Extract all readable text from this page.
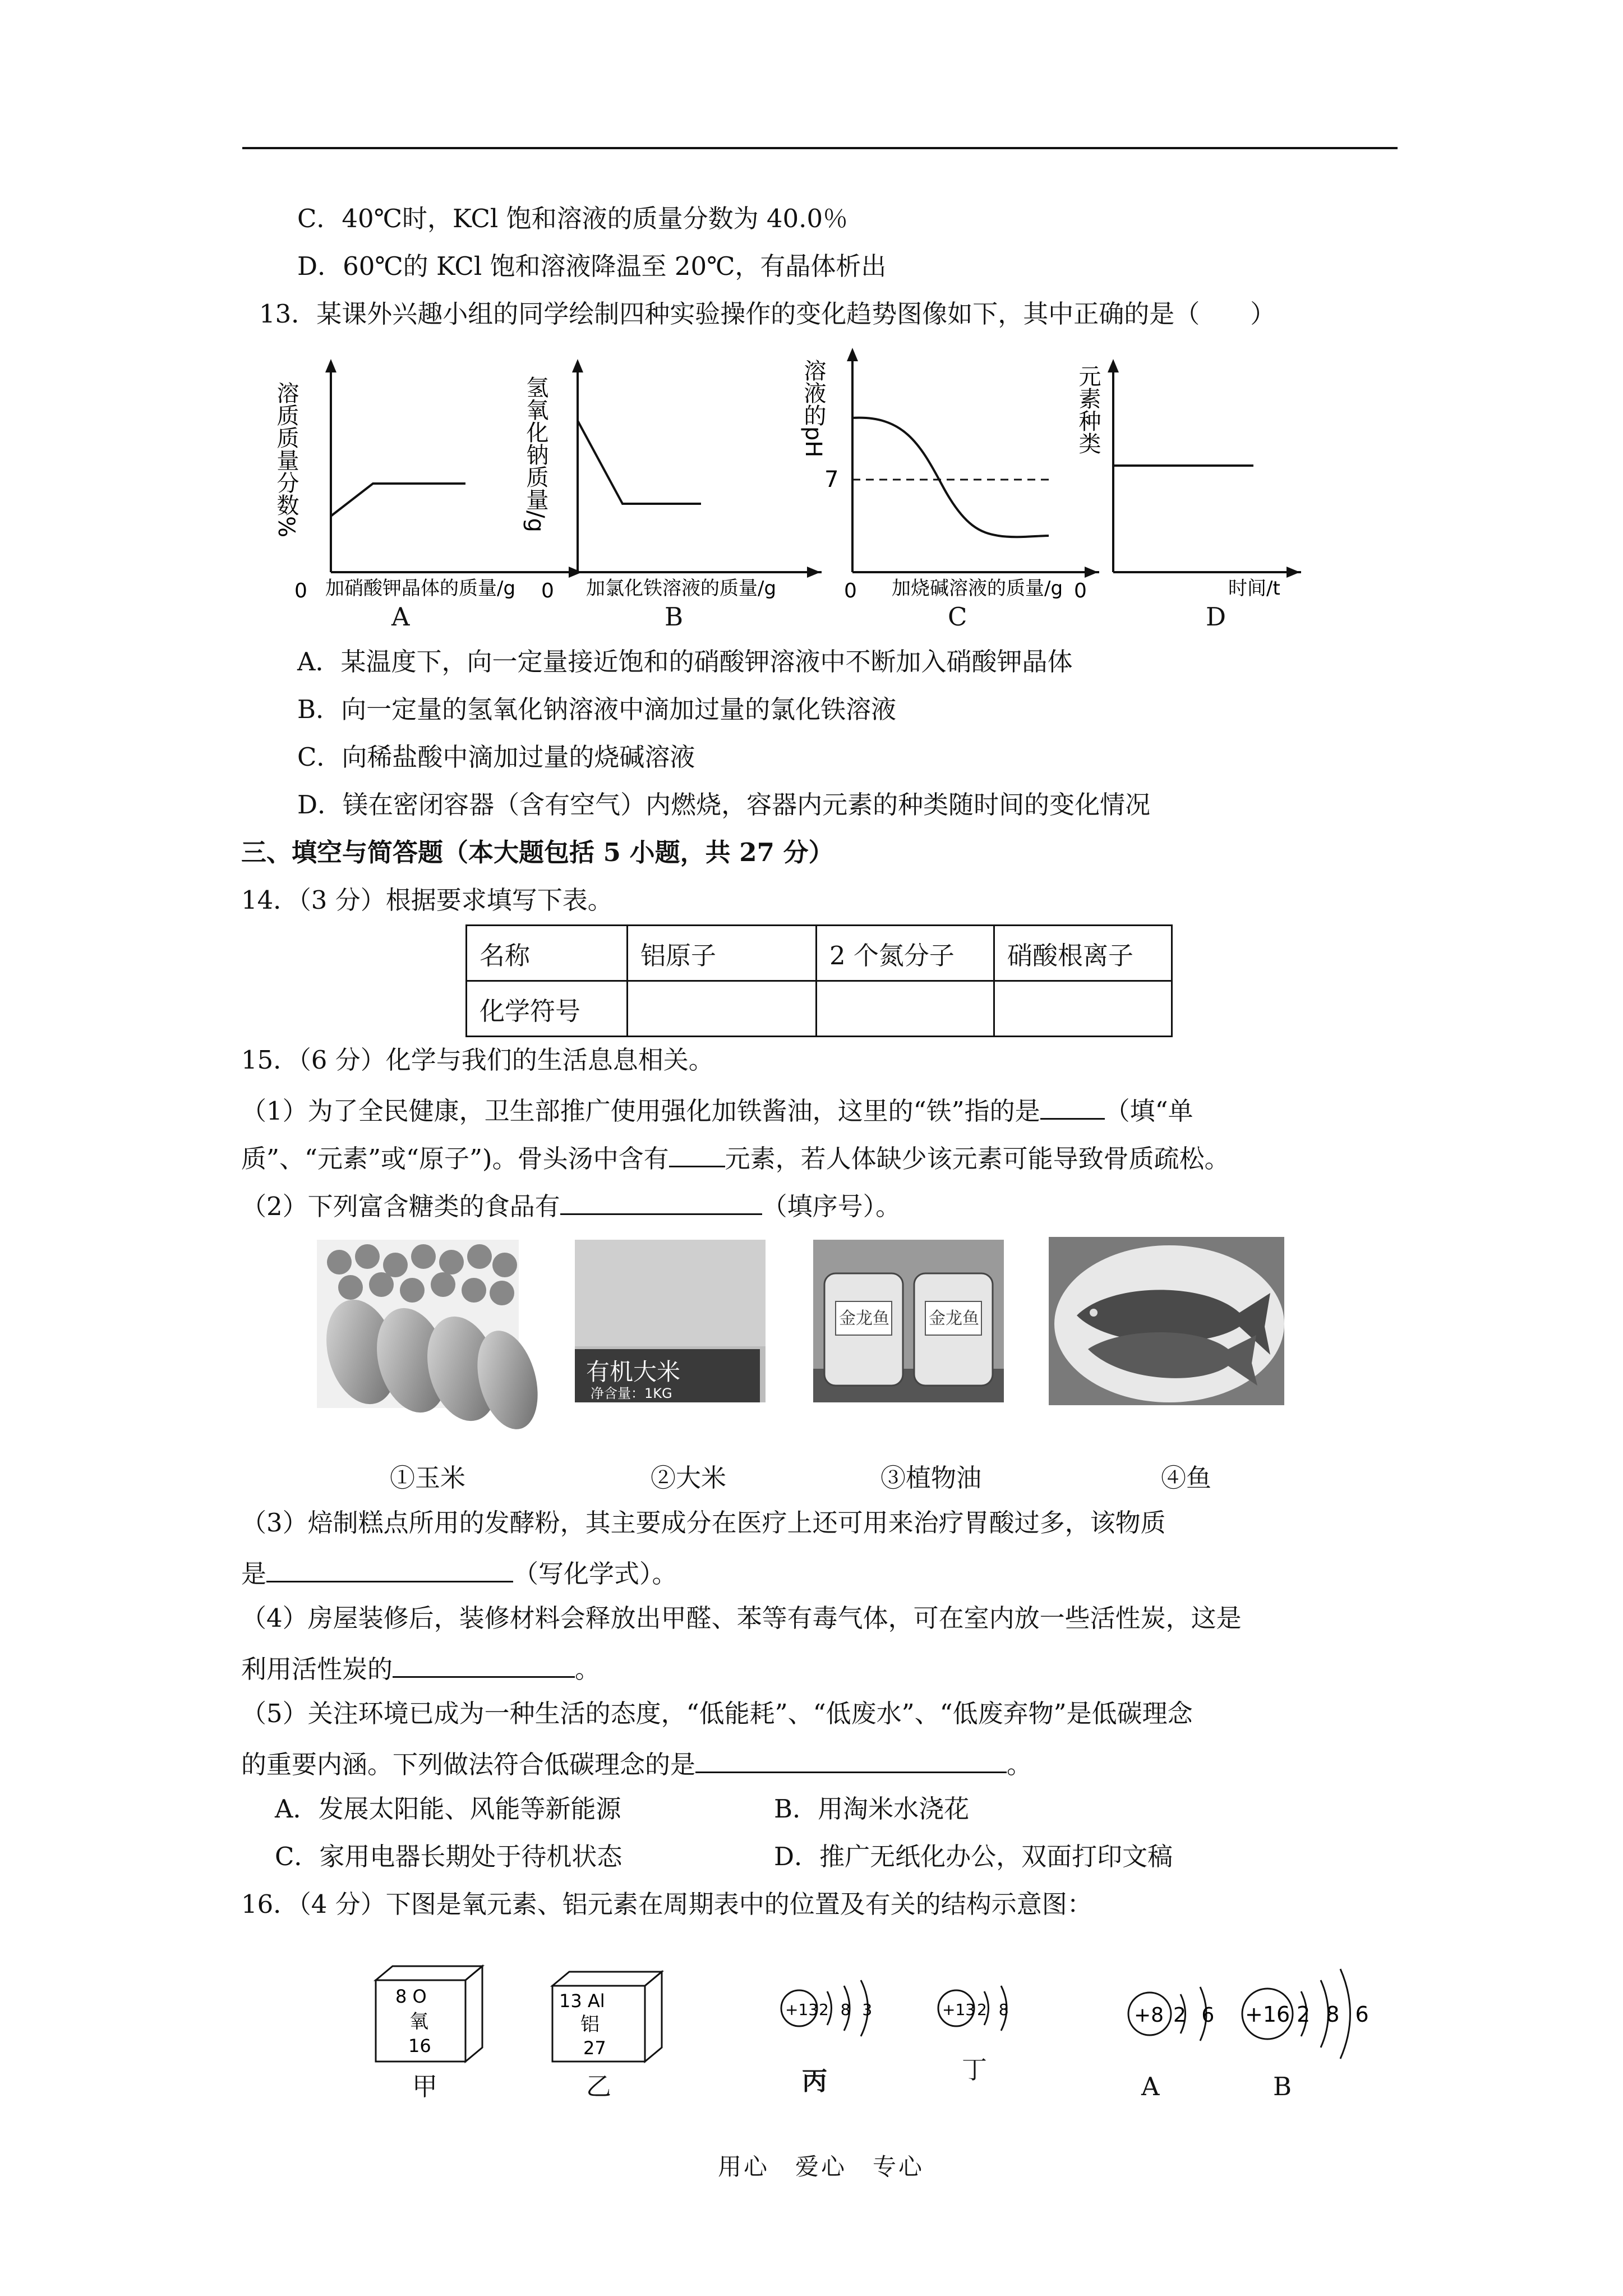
C．40℃时，KCl 饱和溶液的质量分数为 40.0％
D．60℃的 KCl 饱和溶液降温至 20℃，有晶体析出
13．某课外兴趣小组的同学绘制四种实验操作的变化趋势图像如下，其中正确的是（　　）
0 加硝酸钾晶体的质量/g
溶质质量分数%
A
0 加氯化铁溶液的质量/g
氢氧化钠质量/g
B
7
0 加烧碱溶液的质量/g
溶液的pH
C
0	时间/t
元素种类
D
A．某温度下，向一定量接近饱和的硝酸钾溶液中不断加入硝酸钾晶体
B．向一定量的氢氧化钠溶液中滴加过量的氯化铁溶液
C．向稀盐酸中滴加过量的烧碱溶液
D．镁在密闭容器（含有空气）内燃烧，容器内元素的种类随时间的变化情况
三、填空与简答题（本大题包括 5 小题，共 27 分）
14．（3 分）根据要求填写下表。
名称	铝原子	2 个氮分子	硝酸根离子
化学符号			
15．（6 分）化学与我们的生活息息相关。
（1）为了全民健康，卫生部推广使用强化加铁酱油，这里的“铁”指的是	（填“单
质”、“元素”或“原子”)。骨头汤中含有 元素，若人体缺少该元素可能导致骨质疏松。
（2）下列富含糖类的食品有	（填序号）。
有机大米
净含量：1KG
金龙鱼 金龙鱼
①玉米	②大米	③植物油	④鱼
（3）焙制糕点所用的发酵粉，其主要成分在医疗上还可用来治疗胃酸过多，该物质
是	（写化学式）。
（4）房屋装修后，装修材料会释放出甲醛、苯等有毒气体，可在室内放一些活性炭，这是
利用活性炭的	。
（5）关注环境已成为一种生活的态度，“低能耗”、“低废水”、“低废弃物”是低碳理念
的重要内涵。下列做法符合低碳理念的是	。
A．发展太阳能、风能等新能源	B．用淘米水浇花
C．家用电器长期处于待机状态	D．推广无纸化办公，双面打印文稿
16．（4 分）下图是氧元素、铝元素在周期表中的位置及有关的结构示意图：
8 O
氧
16
甲
13 Al
铝
27
乙
+13 2 8 3
丙
+13 2 8
丁
+8 2 6
A
+16 2 8 6
B
用心　爱心　专心
